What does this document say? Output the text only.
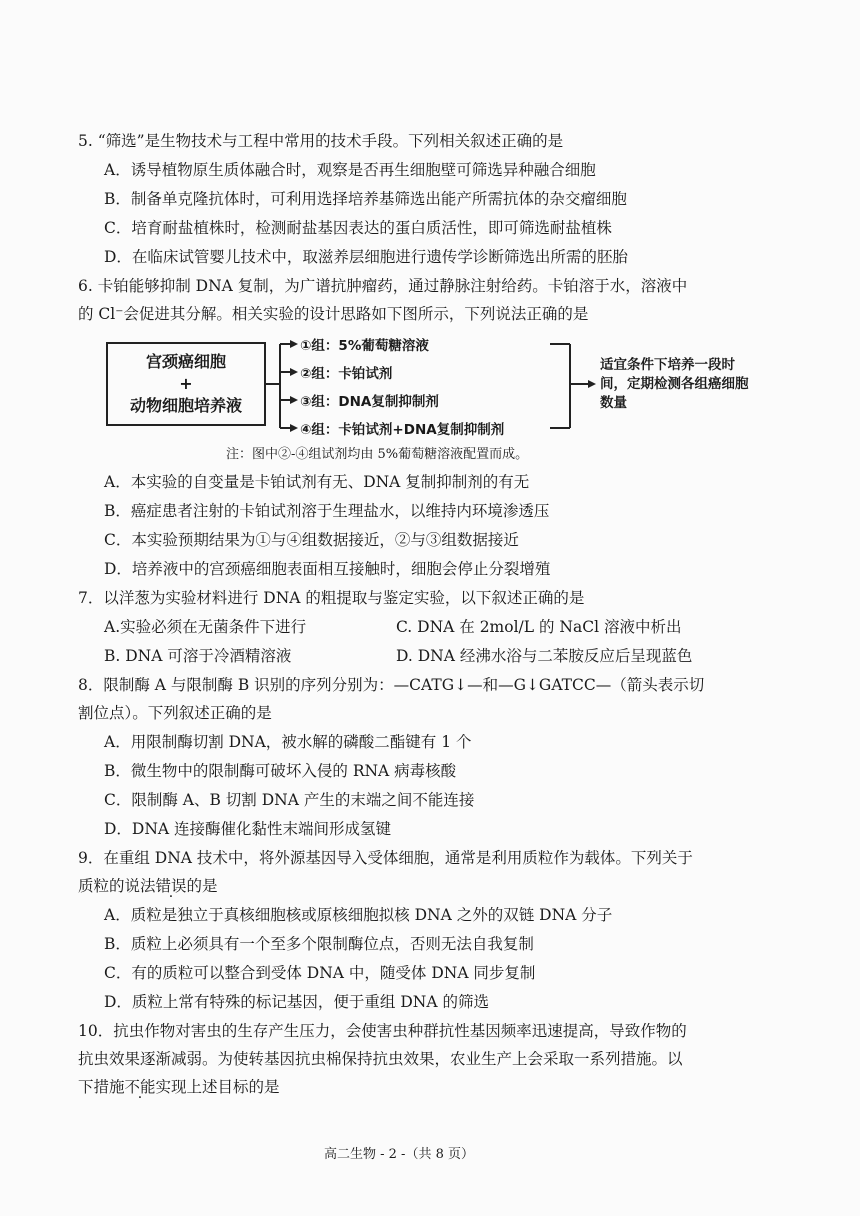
5. “筛选”是生物技术与工程中常用的技术手段。下列相关叙述正确的是
A．诱导植物原生质体融合时，观察是否再生细胞壁可筛选异种融合细胞
B．制备单克隆抗体时，可利用选择培养基筛选出能产所需抗体的杂交瘤细胞
C．培育耐盐植株时，检测耐盐基因表达的蛋白质活性，即可筛选耐盐植株
D．在临床试管婴儿技术中，取滋养层细胞进行遗传学诊断筛选出所需的胚胎
6. 卡铂能够抑制 DNA 复制，为广谱抗肿瘤药，通过静脉注射给药。卡铂溶于水，溶液中
的 Cl⁻会促进其分解。相关实验的设计思路如下图所示，下列说法正确的是
宫颈癌细胞
+
动物细胞培养液
①组：5%葡萄糖溶液
②组：卡铂试剂
③组：DNA复制抑制剂
④组：卡铂试剂+DNA复制抑制剂
适宜条件下培养一段时间，定期检测各组癌细胞数量
注：图中②-④组试剂均由 5%葡萄糖溶液配置而成。
A．本实验的自变量是卡铂试剂有无、DNA 复制抑制剂的有无
B．癌症患者注射的卡铂试剂溶于生理盐水，以维持内环境渗透压
C．本实验预期结果为①与④组数据接近，②与③组数据接近
D．培养液中的宫颈癌细胞表面相互接触时，细胞会停止分裂增殖
7．以洋葱为实验材料进行 DNA 的粗提取与鉴定实验，以下叙述正确的是
A.实验必须在无菌条件下进行	C. DNA 在 2mol/L 的 NaCl 溶液中析出
B. DNA 可溶于冷酒精溶液	D. DNA 经沸水浴与二苯胺反应后呈现蓝色
8．限制酶 A 与限制酶 B 识别的序列分别为：—CATG↓—和—G↓GATCC—（箭头表示切
割位点）。下列叙述正确的是
A．用限制酶切割 DNA，被水解的磷酸二酯键有 1 个
B．微生物中的限制酶可破坏入侵的 RNA 病毒核酸
C．限制酶 A、B 切割 DNA 产生的末端之间不能连接
D．DNA 连接酶催化黏性末端间形成氢键
9．在重组 DNA 技术中，将外源基因导入受体细胞，通常是利用质粒作为载体。下列关于
质粒的说法错误的是
A．质粒是独立于真核细胞核或原核细胞拟核 DNA 之外的双链 DNA 分子
B．质粒上必须具有一个至多个限制酶位点，否则无法自我复制
C．有的质粒可以整合到受体 DNA 中，随受体 DNA 同步复制
D．质粒上常有特殊的标记基因，便于重组 DNA 的筛选
10．抗虫作物对害虫的生存产生压力，会使害虫种群抗性基因频率迅速提高，导致作物的
抗虫效果逐渐减弱。为使转基因抗虫棉保持抗虫效果，农业生产上会采取一系列措施。以
下措施不能实现上述目标的是
高二生物 - 2 -（共 8 页）
